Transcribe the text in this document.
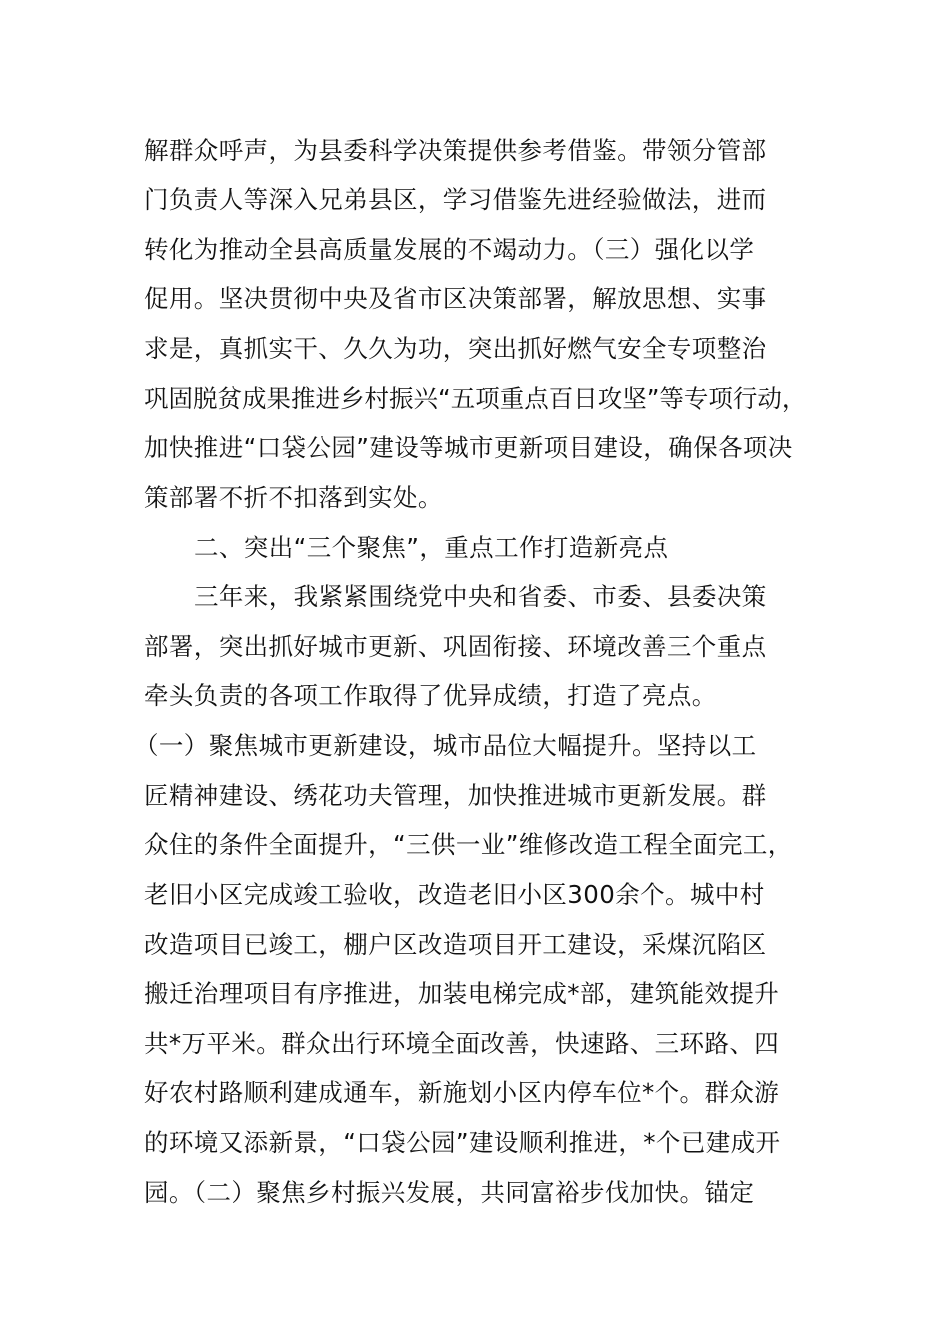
解群众呼声，为县委科学决策提供参考借鉴。带领分管部
门负责人等深入兄弟县区，学习借鉴先进经验做法，进而
转化为推动全县高质量发展的不竭动力。（三）强化以学
促用。坚决贯彻中央及省市区决策部署，解放思想、实事
求是，真抓实干、久久为功，突出抓好燃气安全专项整治
巩固脱贫成果推进乡村振兴“五项重点百日攻坚”等专项行动，
加快推进“口袋公园”建设等城市更新项目建设，确保各项决
策部署不折不扣落到实处。
二、突出“三个聚焦”，重点工作打造新亮点
三年来，我紧紧围绕党中央和省委、市委、县委决策
部署，突出抓好城市更新、巩固衔接、环境改善三个重点
牵头负责的各项工作取得了优异成绩，打造了亮点。
（一）聚焦城市更新建设，城市品位大幅提升。坚持以工
匠精神建设、绣花功夫管理，加快推进城市更新发展。群
众住的条件全面提升，“三供一业”维修改造工程全面完工，
老旧小区完成竣工验收，改造老旧小区300余个。城中村
改造项目已竣工，棚户区改造项目开工建设，采煤沉陷区
搬迁治理项目有序推进，加装电梯完成*部，建筑能效提升
共*万平米。群众出行环境全面改善，快速路、三环路、四
好农村路顺利建成通车，新施划小区内停车位*个。群众游
的环境又添新景，“口袋公园”建设顺利推进，*个已建成开
园。（二）聚焦乡村振兴发展，共同富裕步伐加快。锚定
